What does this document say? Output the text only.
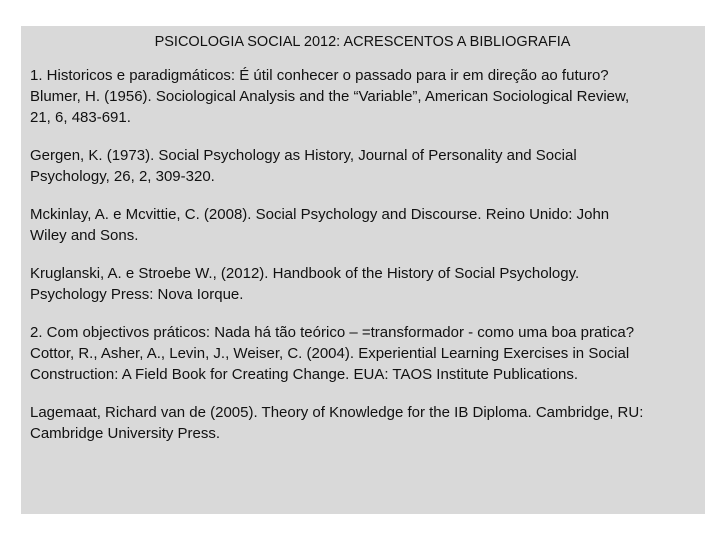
PSICOLOGIA SOCIAL 2012: ACRESCENTOS A BIBLIOGRAFIA
1. Historicos e paradigmáticos: É útil conhecer o passado para ir em direção ao futuro?
Blumer, H. (1956). Sociological Analysis and the “Variable”, American Sociological Review,
21, 6, 483-691.
Gergen, K. (1973). Social Psychology as History, Journal of Personality and Social
Psychology, 26, 2, 309-320.
Mckinlay, A. e Mcvittie, C. (2008). Social Psychology and Discourse. Reino Unido: John
Wiley and Sons.
Kruglanski, A. e Stroebe W., (2012). Handbook of the History of Social Psychology.
Psychology Press: Nova Iorque.
2. Com objectivos práticos: Nada há tão teórico – =transformador - como uma boa pratica?
Cottor, R., Asher, A., Levin, J., Weiser, C. (2004). Experiential Learning Exercises in Social
Construction: A Field Book for Creating Change. EUA: TAOS Institute Publications.
Lagemaat, Richard van de (2005). Theory of Knowledge for the IB Diploma. Cambridge, RU:
Cambridge University Press.
